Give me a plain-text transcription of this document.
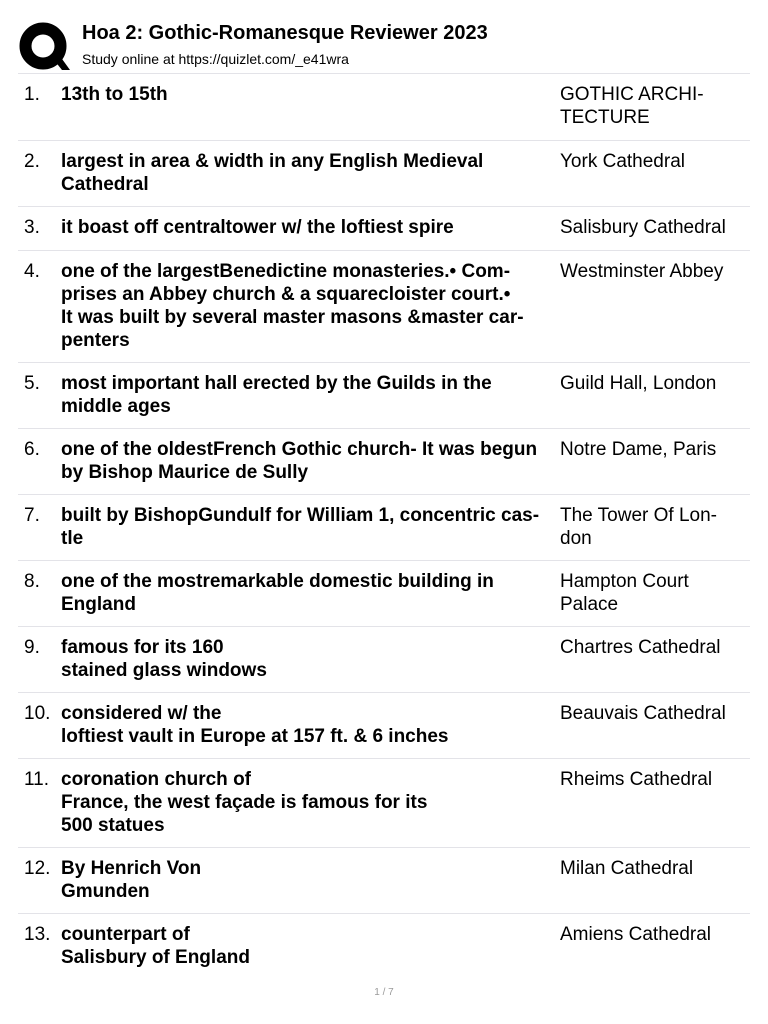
Hoa 2: Gothic-Romanesque Reviewer 2023
Study online at https://quizlet.com/_e41wra
1. 13th to 15th	GOTHIC ARCHI-
TECTURE
2. largest in area & width in any English Medieval
Cathedral
York Cathedral
3. it boast off centraltower w/ the loftiest spire	Salisbury Cathedral
4. one of the largestBenedictine monasteries.• Com-
prises an Abbey church & a squarecloister court.•
It was built by several master masons &master car-
penters
Westminster Abbey
5. most important hall erected by the Guilds in the
middle ages
Guild Hall, London
6. one of the oldestFrench Gothic church- It was begun
by Bishop Maurice de Sully
Notre Dame, Paris
7. built by BishopGundulf for William 1, concentric cas-
tle
The Tower Of Lon-
don
8. one of the mostremarkable domestic building in
England
Hampton Court
Palace
9. famous for its 160
stained glass windows
Chartres Cathedral
10. considered w/ the
loftiest vault in Europe at 157 ft. & 6 inches
Beauvais Cathedral
11. coronation church of
France, the west façade is famous for its
500 statues
Rheims Cathedral
12. By Henrich Von
Gmunden
Milan Cathedral
13. counterpart of
Salisbury of England
Amiens Cathedral
1 / 7
